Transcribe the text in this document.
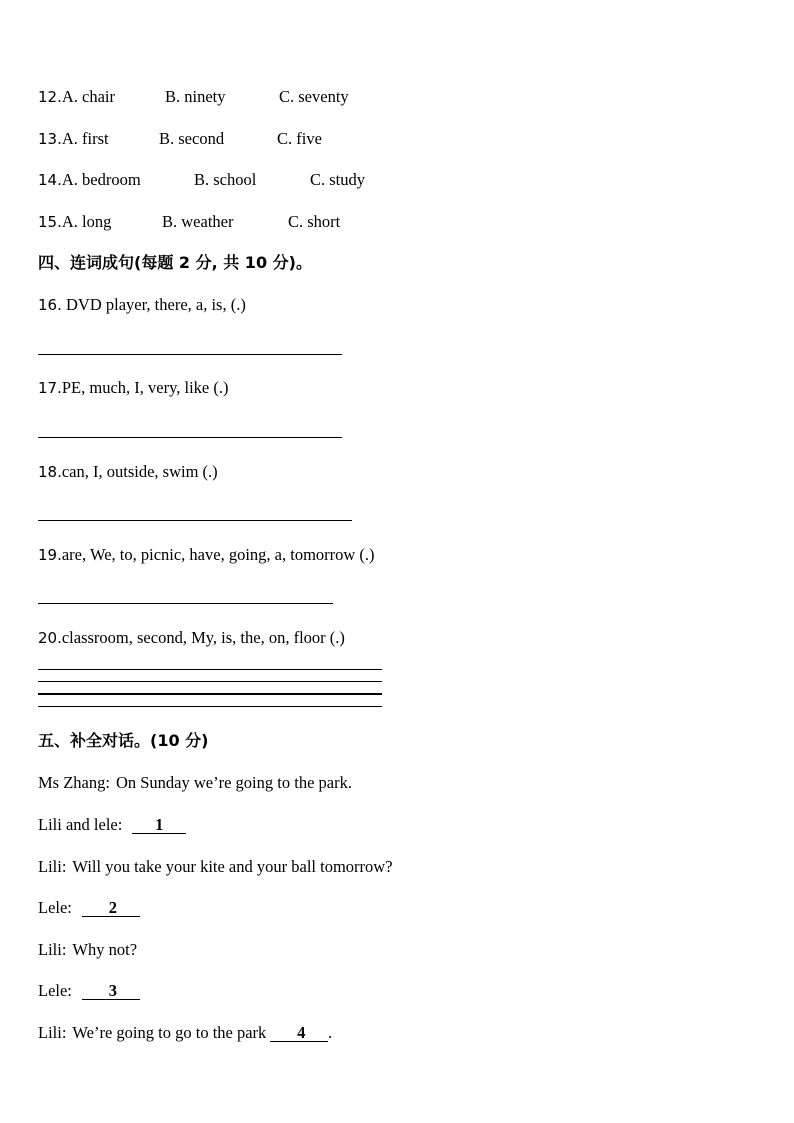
12.A. chair	B. ninety	C. seventy
13.A. first	B. second	C. five
14.A. bedroom	B. school	C. study
15.A. long	B. weather	C. short
四、连词成句(每题 2 分, 共 10 分)。
16. DVD player, there, a, is, (.)
17.PE, much, I, very, like (.)
18.can, I, outside, swim (.)
19.are, We, to, picnic, have, going, a, tomorrow (.)
20.classroom, second, My, is, the, on, floor (.)
五、补全对话。(10 分)
Ms Zhang: On Sunday we’re going to the park.
Lili and lele: 1
Lili: Will you take your kite and your ball tomorrow?
Lele: 2
Lili: Why not?
Lele: 3
Lili: We’re going to go to the park 4 .
